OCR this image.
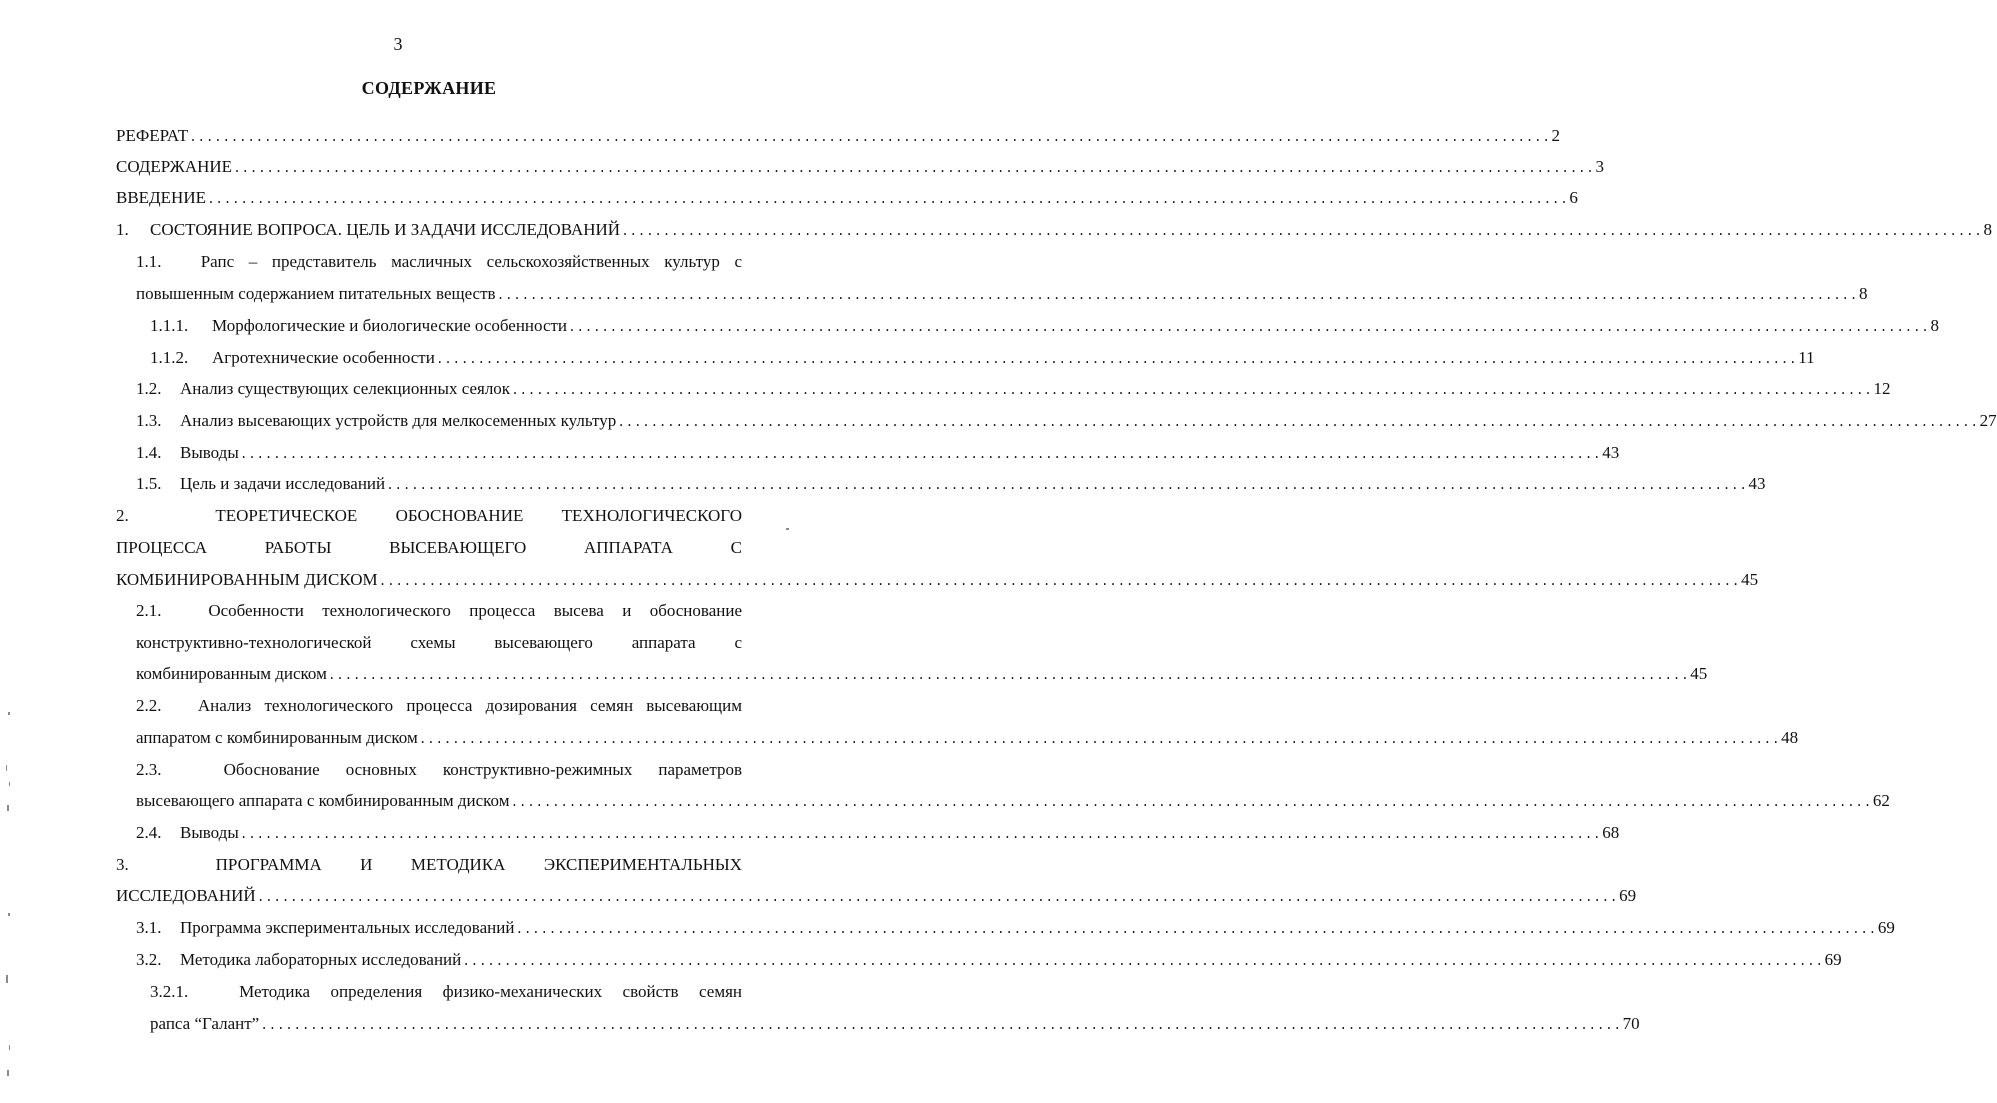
3
СОДЕРЖАНИЕ
РЕФЕРАТ .....	2
СОДЕРЖАНИЕ .....	3
ВВЕДЕНИЕ .....	6
1.	СОСТОЯНИЕ ВОПРОСА. ЦЕЛЬ И ЗАДАЧИ ИССЛЕДОВАНИЙ .....	8
1.1. Рапс – представитель масличных сельскохозяйственных культур с
повышенным содержанием питательных веществ .....	8
1.1.1.	Морфологические и биологические особенности .....	8
1.1.2.	Агротехнические особенности .....	11
1.2.	Анализ существующих селекционных сеялок .....	12
1.3.	Анализ высевающих устройств для мелкосеменных культур .....	27
1.4.	Выводы .....	43
1.5.	Цель и задачи исследований .....	43
2.	ТЕОРЕТИЧЕСКОЕ ОБОСНОВАНИЕ ТЕХНОЛОГИЧЕСКОГО
ПРОЦЕССА РАБОТЫ ВЫСЕВАЮЩЕГО АППАРАТА С
КОМБИНИРОВАННЫМ ДИСКОМ .....	45
2.1.	Особенности технологического процесса высева и обоснование
конструктивно-технологической схемы высевающего аппарата с
комбинированным диском .....	45
2.2. Анализ технологического процесса дозирования семян высевающим
аппаратом с комбинированным диском .....	48
2.3.	Обоснование основных конструктивно-режимных параметров
высевающего аппарата с комбинированным диском .....	62
2.4.	Выводы .....	68
3.	ПРОГРАММА И МЕТОДИКА ЭКСПЕРИМЕНТАЛЬНЫХ
ИССЛЕДОВАНИЙ .....	69
3.1.	Программа экспериментальных исследований .....	69
3.2.	Методика лабораторных исследований .....	69
3.2.1.	Методика определения физико-механических свойств семян
рапса “Галант” .....	70
